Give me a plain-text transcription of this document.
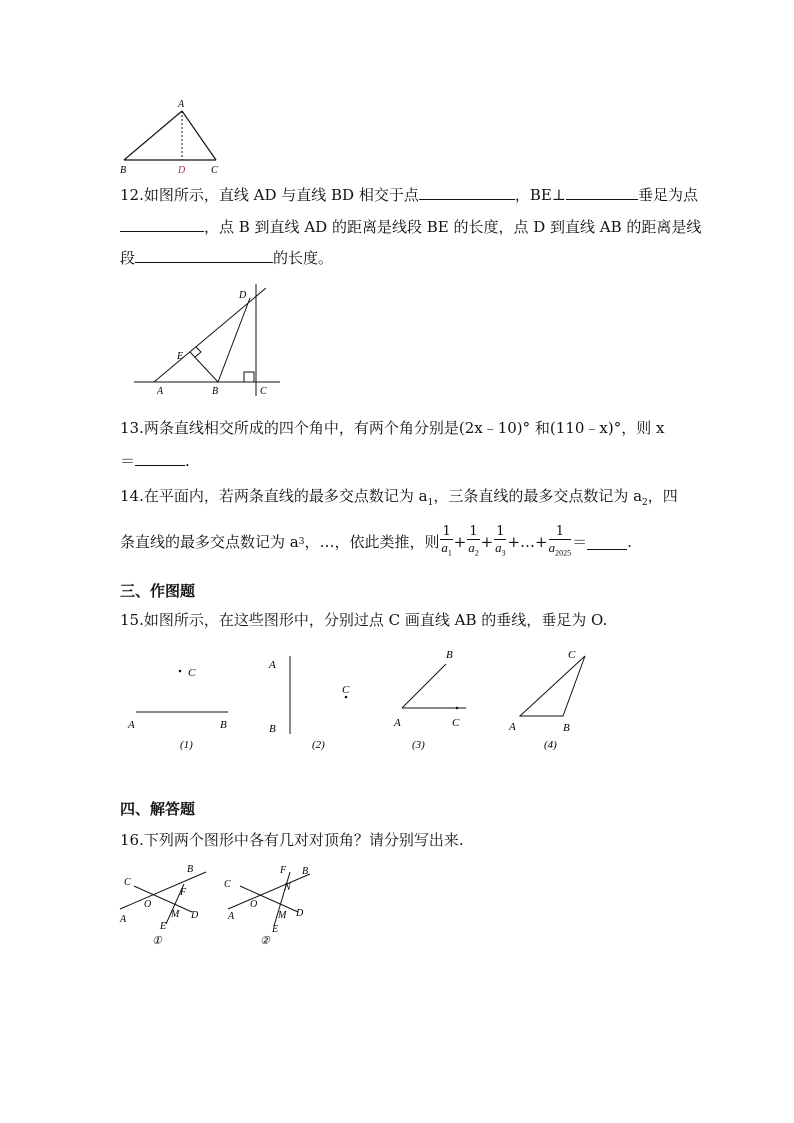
A
B	D	C
12.如图所示，直线 AD 与直线 BD 相交于点	，BE⊥	垂足为点
，点 B 到直线 AD 的距离是线段 BE 的长度，点 D 到直线 AB 的距离是线
段	的长度。
D
E
A	B	C
13.两条直线相交所成的四个角中，有两个角分别是(2x﹣10)° 和(110﹣x)°，则 x
＝	.
14.在平面内，若两条直线的最多交点数记为 $a_1$，三条直线的最多交点数记为 $a_2$，四
条直线的最多交点数记为 a 3 ，…，依此类推，则 $\frac{1}{a_1} + \frac{1}{a_2} + \frac{1}{a_3}$ +…+ $\frac{1}{a_{2025}}$ ＝	.
三、作图题
15.如图所示，在这些图形中，分别过点 C 画直线 AB 的垂线，垂足为 O.
C
A	B
(1)
A
B
C
(2)
B
A	C
(3)
C
A	B
(4)
四、解答题
16.下列两个图形中各有几对对顶角？请分别写出来.
C
B
F
O
A	M D
E
①
C
F B
N
O
A	M D
E
②
